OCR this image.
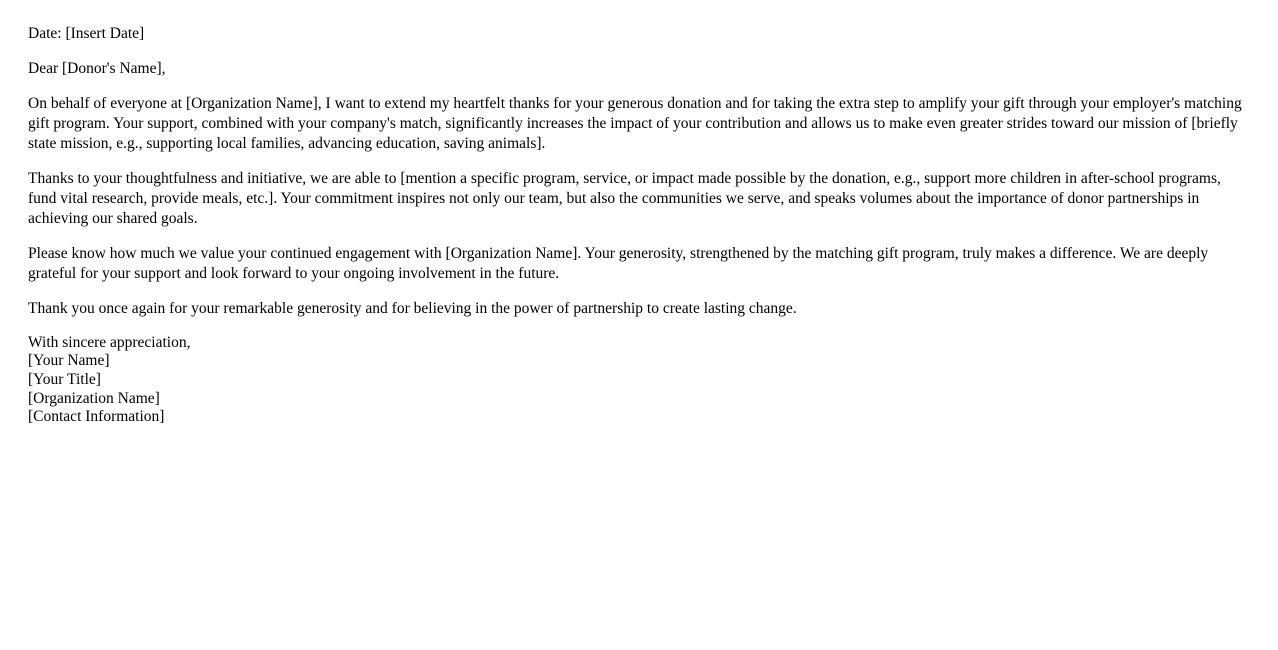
Date: [Insert Date]

Dear [Donor's Name],

On behalf of everyone at [Organization Name], I want to extend my heartfelt thanks for your generous donation and for taking the extra step to amplify your gift through your employer's matching gift program. Your support, combined with your company's match, significantly increases the impact of your contribution and allows us to make even greater strides toward our mission of [briefly state mission, e.g., supporting local families, advancing education, saving animals].

Thanks to your thoughtfulness and initiative, we are able to [mention a specific program, service, or impact made possible by the donation, e.g., support more children in after-school programs, fund vital research, provide meals, etc.]. Your commitment inspires not only our team, but also the communities we serve, and speaks volumes about the importance of donor partnerships in achieving our shared goals.

Please know how much we value your continued engagement with [Organization Name]. Your generosity, strengthened by the matching gift program, truly makes a difference. We are deeply grateful for your support and look forward to your ongoing involvement in the future.

Thank you once again for your remarkable generosity and for believing in the power of partnership to create lasting change.

With sincere appreciation,
[Your Name]
[Your Title]
[Organization Name]
[Contact Information]
